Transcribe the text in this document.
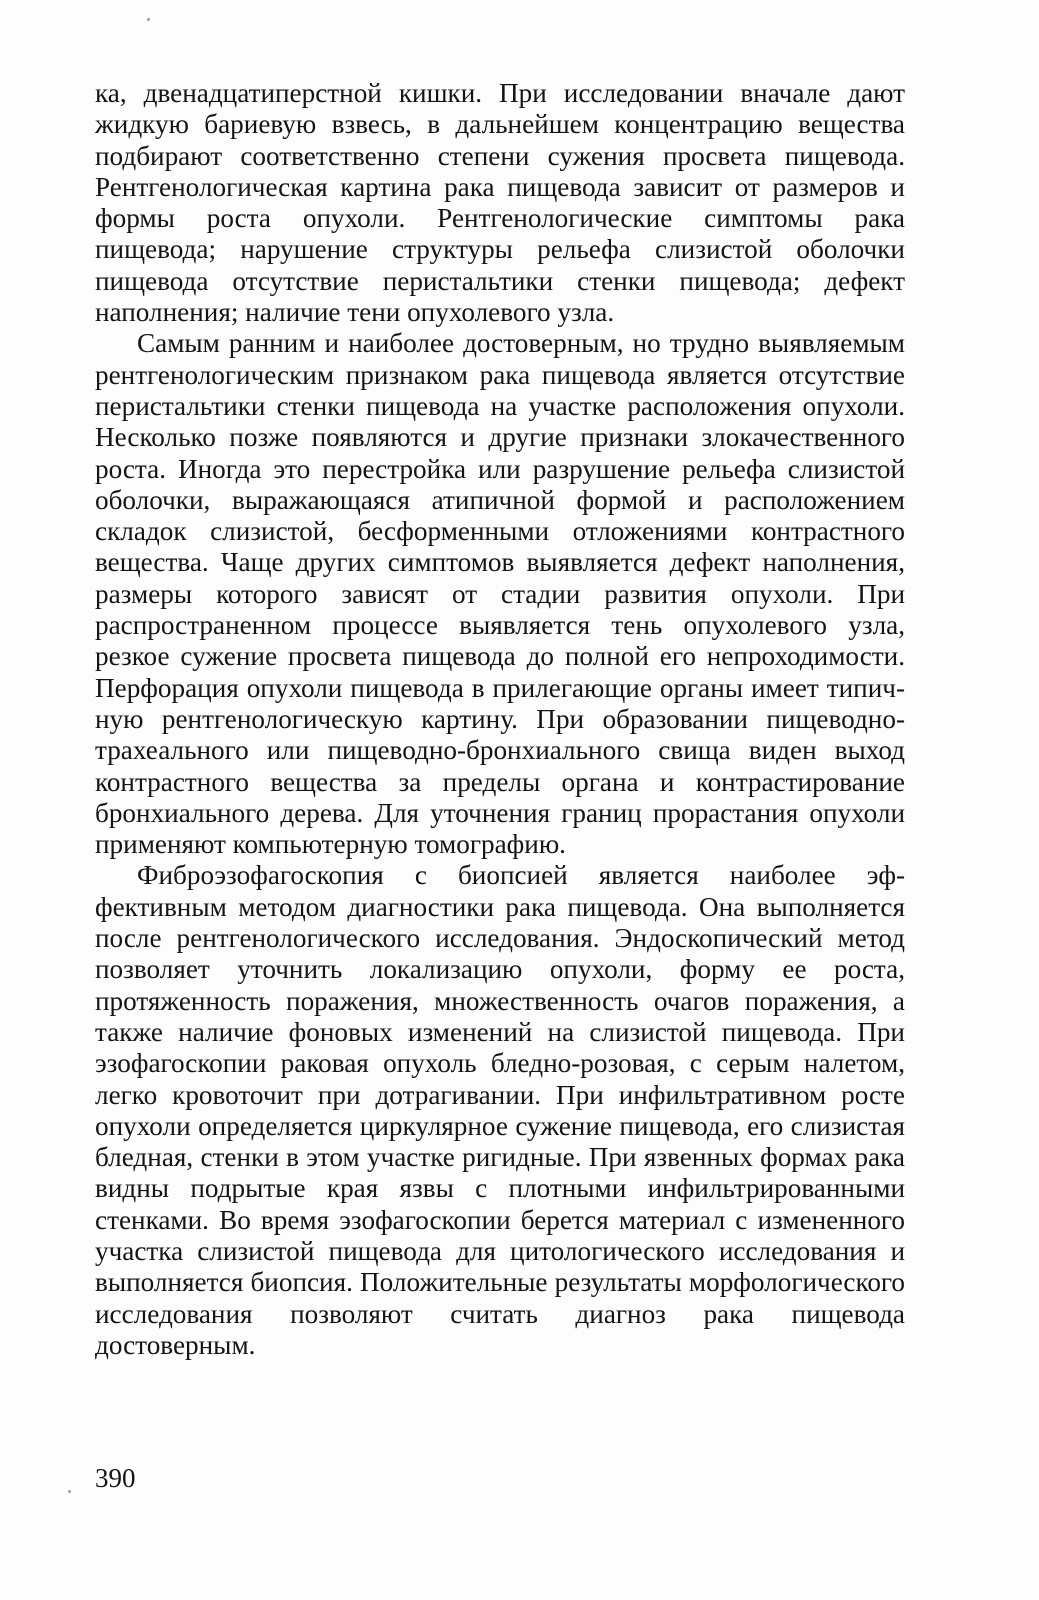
ка, двенадцатиперстной кишки. При исследовании вначале дают жидкую бариевую взвесь, в дальнейшем концентрацию вещества подбирают соответственно степени сужения просвета пищевода. Рентгенологическая картина рака пищевода зависит от размеров и формы роста опухоли. Рентгенологические симптомы рака пищевода; нарушение структуры рельефа слизистой оболочки пищевода отсутствие перистальтики стенки пищевода; дефект наполнения; наличие тени опухолевого узла.

Самым ранним и наиболее достоверным, но трудно выявляемым рентгенологическим признаком рака пищевода является отсутствие перистальтики стенки пищевода на участке расположения опухоли. Несколько позже появляются и другие признаки злокачественного роста. Иногда это перестройка или разрушение рельефа слизистой оболочки, выражающаяся атипичной формой и расположением складок слизистой, бесформенными отложениями контрастного вещества. Чаще других симптомов выявляется дефект наполнения, размеры которого зависят от стадии развития опухоли. При распространенном процессе выявляется тень опухолевого узла, резкое сужение просвета пищевода до полной его непроходимости. Перфорация опухоли пищевода в прилегающие органы имеет типичную рентгенологическую картину. При образовании пищеводно-трахеального или пищеводно-бронхиального свища виден выход контрастного вещества за пределы органа и контрастирование бронхиального дерева. Для уточнения границ прорастания опухоли применяют компьютерную томографию.

Фиброэзофагоскопия с биопсией является наиболее эффективным методом диагностики рака пищевода. Она выполняется после рентгенологического исследования. Эндоскопический метод позволяет уточнить локализацию опухоли, форму ее роста, протяженность поражения, множественность очагов поражения, а также наличие фоновых изменений на слизистой пищевода. При эзофагоскопии раковая опухоль бледно-розовая, с серым налетом, легко кровоточит при дотрагивании. При инфильтративном росте опухоли определяется циркулярное сужение пищевода, его слизистая бледная, стенки в этом участке ригидные. При язвенных формах рака видны подрытые края язвы с плотными инфильтрированными стенками. Во время эзофагоскопии берется материал с измененного участка слизистой пищевода для цитологического исследования и выполняется биопсия. Положительные результаты морфологического исследования позволяют считать диагноз рака пищевода достоверным.

390
